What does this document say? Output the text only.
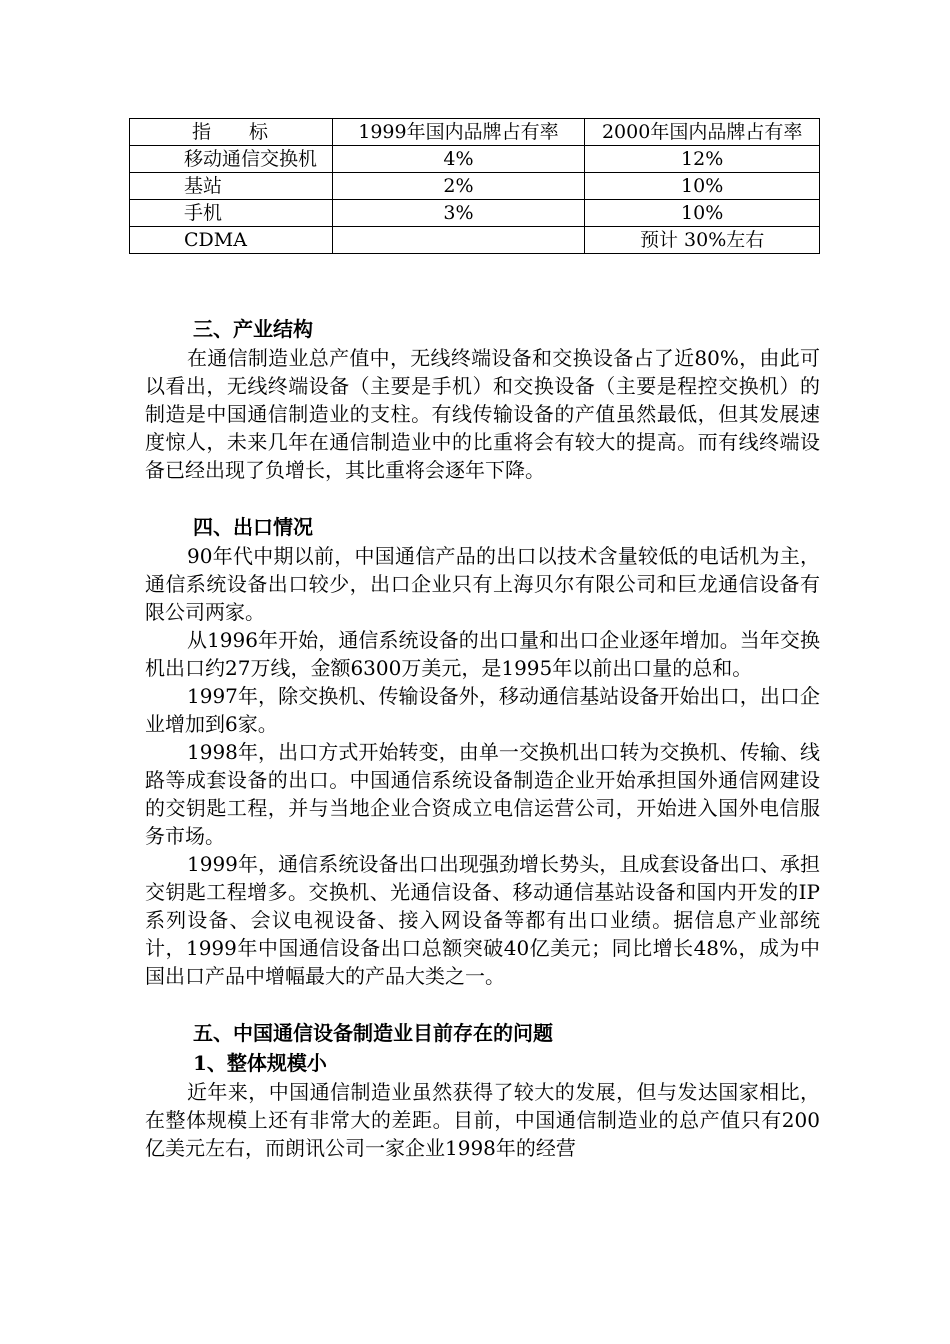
指　　标	1999年国内品牌占有率	2000年国内品牌占有率
移动通信交换机	4%	12%
基站	2%	10%
手机	3%	10%
CDMA		预计 30%左右
三、产业结构

在通信制造业总产值中，无线终端设备和交换设备占了近80%，由此可以看出，无线终端设备（主要是手机）和交换设备（主要是程控交换机）的制造是中国通信制造业的支柱。有线传输设备的产值虽然最低，但其发展速度惊人，未来几年在通信制造业中的比重将会有较大的提高。而有线终端设备已经出现了负增长，其比重将会逐年下降。

四、出口情况

90年代中期以前，中国通信产品的出口以技术含量较低的电话机为主，通信系统设备出口较少，出口企业只有上海贝尔有限公司和巨龙通信设备有限公司两家。

从1996年开始，通信系统设备的出口量和出口企业逐年增加。当年交换机出口约27万线，金额6300万美元，是1995年以前出口量的总和。

1997年，除交换机、传输设备外，移动通信基站设备开始出口，出口企业增加到6家。

1998年，出口方式开始转变，由单一交换机出口转为交换机、传输、线路等成套设备的出口。中国通信系统设备制造企业开始承担国外通信网建设的交钥匙工程，并与当地企业合资成立电信运营公司，开始进入国外电信服务市场。

1999年，通信系统设备出口出现强劲增长势头，且成套设备出口、承担交钥匙工程增多。交换机、光通信设备、移动通信基站设备和国内开发的IP系列设备、会议电视设备、接入网设备等都有出口业绩。据信息产业部统计，1999年中国通信设备出口总额突破40亿美元；同比增长48%，成为中国出口产品中增幅最大的产品大类之一。

五、中国通信设备制造业目前存在的问题
1、整体规模小

近年来，中国通信制造业虽然获得了较大的发展，但与发达国家相比，在整体规模上还有非常大的差距。目前，中国通信制造业的总产值只有200亿美元左右，而朗讯公司一家企业1998年的经营
